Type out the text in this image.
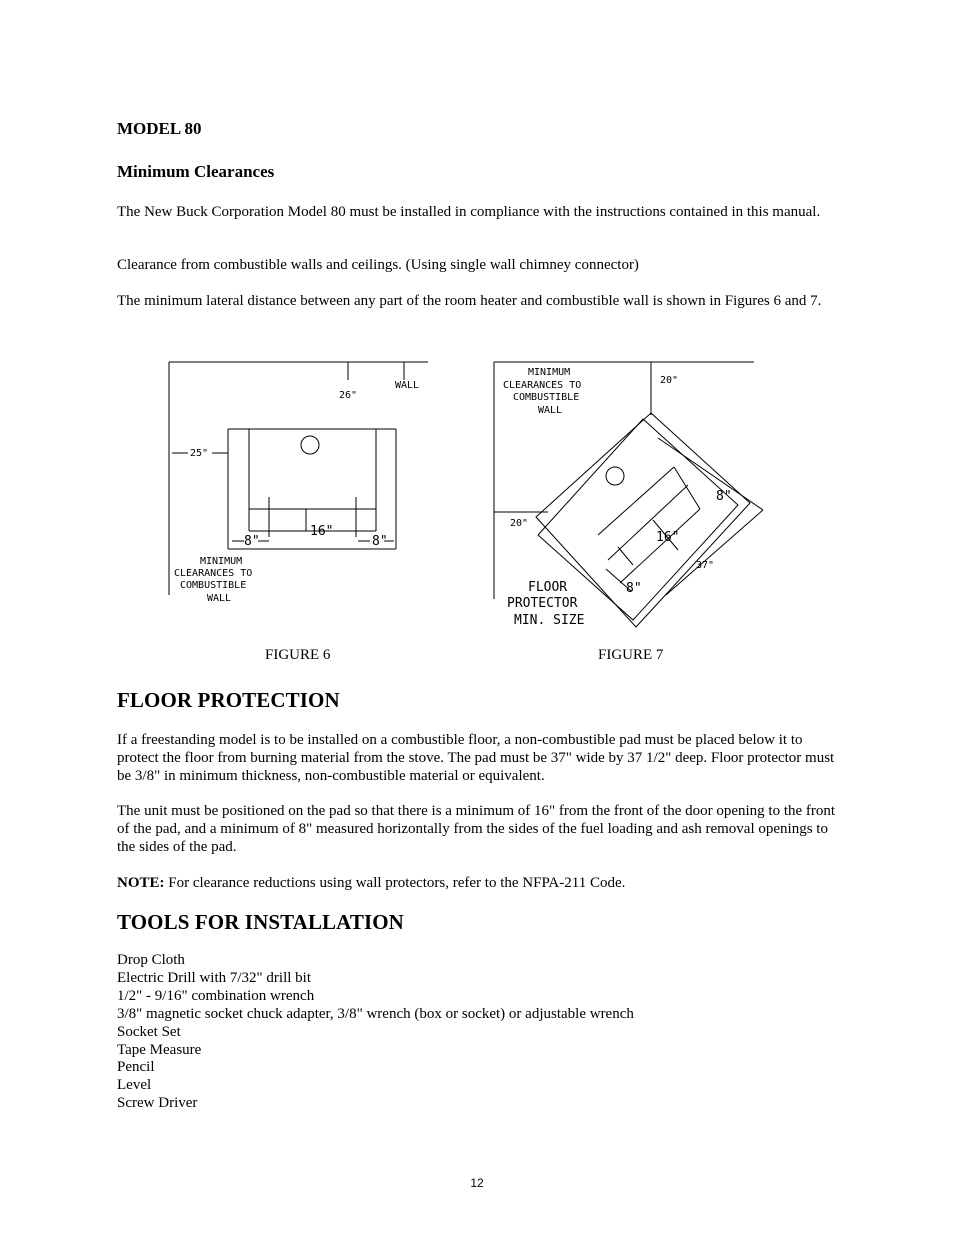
MODEL 80
Minimum Clearances

The New Buck Corporation Model 80 must be installed in compliance with the instructions contained in this manual.

Clearance from combustible walls and ceilings. (Using single wall chimney connector)

The minimum lateral distance between any part of the room heater and combustible wall is shown in Figures 6 and 7.

WALL
26"
25"
8"
16"
8"
MINIMUM
CLEARANCES TO
COMBUSTIBLE
WALL
MINIMUM
CLEARANCES TO
COMBUSTIBLE
WALL
20"
20"
8"
16"
8"
37"
FLOOR
PROTECTOR
MIN. SIZE

FIGURE 6	FIGURE 7

FLOOR PROTECTION

If a freestanding model is to be installed on a combustible floor, a non-combustible pad must be placed below it to protect the floor from burning material from the stove. The pad must be 37" wide by 37 1/2" deep. Floor protector must be 3/8" in minimum thickness, non-combustible material or equivalent.

The unit must be positioned on the pad so that there is a minimum of 16" from the front of the door opening to the front of the pad, and a minimum of 8" measured horizontally from the sides of the fuel loading and ash removal openings to the sides of the pad.

NOTE: For clearance reductions using wall protectors, refer to the NFPA-211 Code.

TOOLS FOR INSTALLATION
Drop Cloth
Electric Drill with 7/32" drill bit
1/2" - 9/16" combination wrench
3/8" magnetic socket chuck adapter, 3/8" wrench (box or socket) or adjustable wrench
Socket Set
Tape Measure
Pencil
Level
Screw Driver
12
